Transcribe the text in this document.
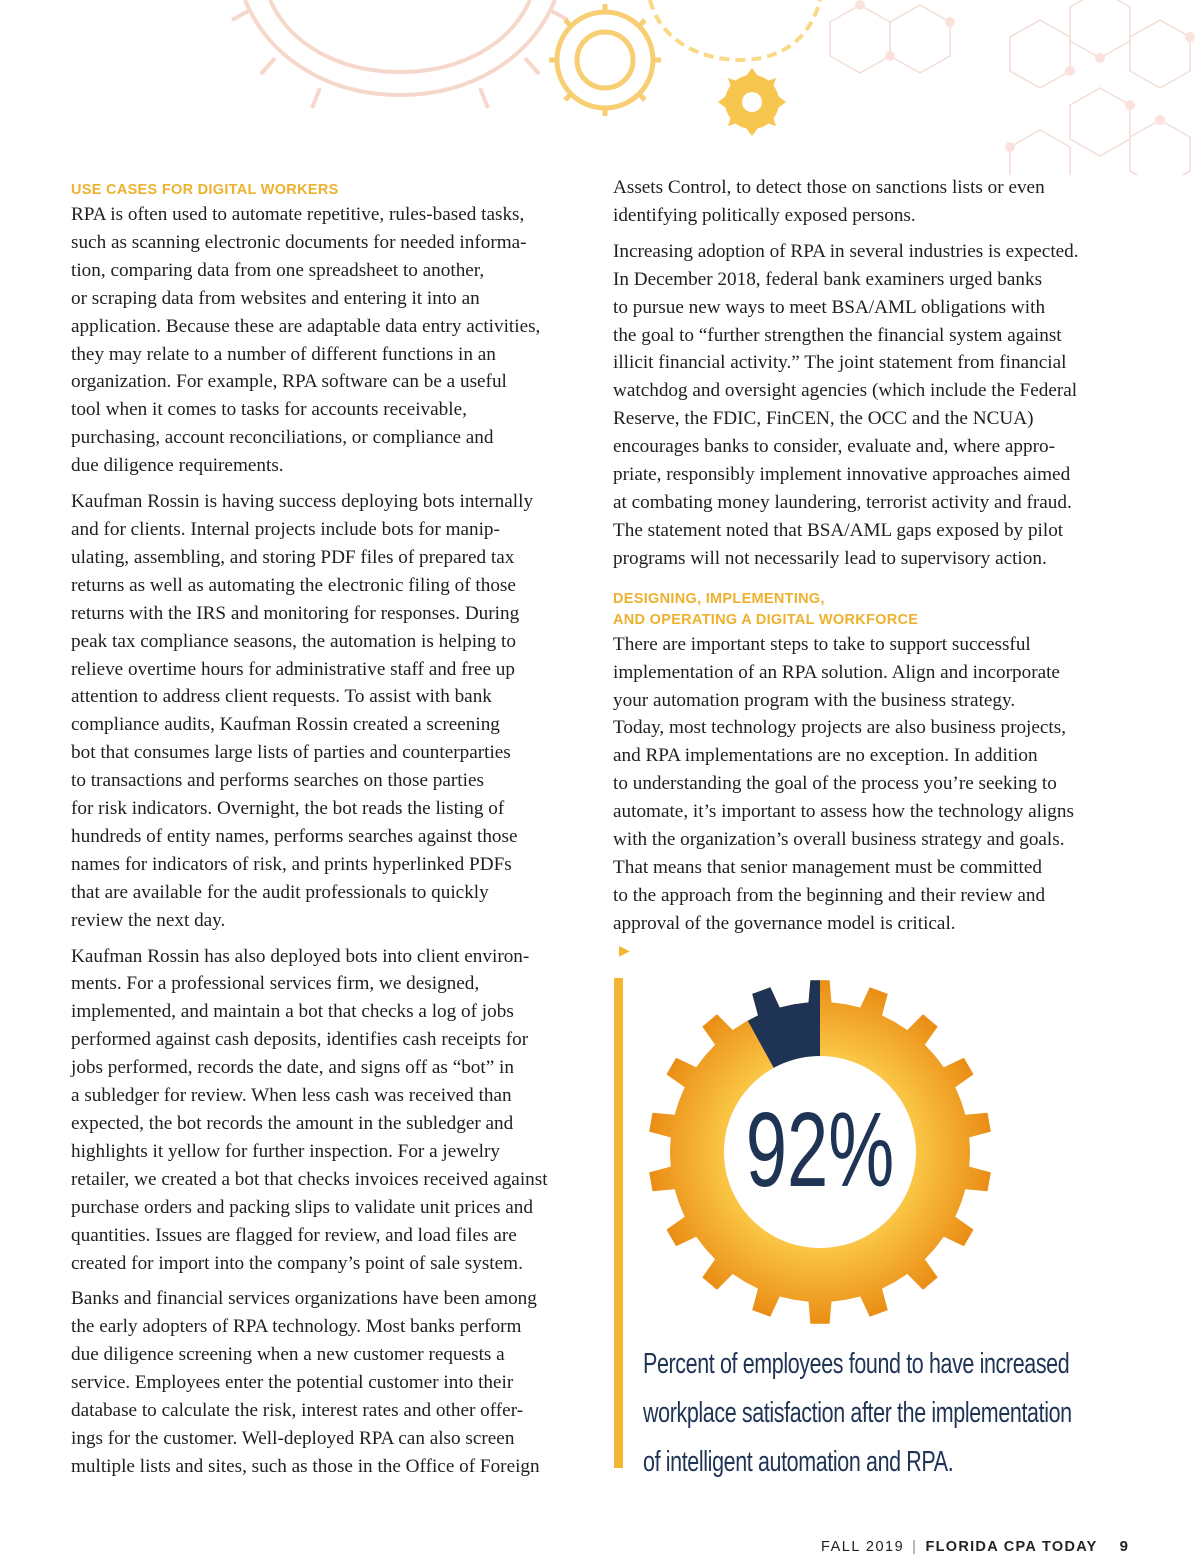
USE CASES FOR DIGITAL WORKERS

RPA is often used to automate repetitive, rules-based tasks,
such as scanning electronic documents for needed informa-
tion, comparing data from one spreadsheet to another,
or scraping data from websites and entering it into an
application. Because these are adaptable data entry activities,
they may relate to a number of different functions in an
organization. For example, RPA software can be a useful
tool when it comes to tasks for accounts receivable,
purchasing, account reconciliations, or compliance and
due diligence requirements.
Kaufman Rossin is having success deploying bots internally
and for clients. Internal projects include bots for manip-
ulating, assembling, and storing PDF files of prepared tax
returns as well as automating the electronic filing of those
returns with the IRS and monitoring for responses. During
peak tax compliance seasons, the automation is helping to
relieve overtime hours for administrative staff and free up
attention to address client requests. To assist with bank
compliance audits, Kaufman Rossin created a screening
bot that consumes large lists of parties and counterparties
to transactions and performs searches on those parties
for risk indicators. Overnight, the bot reads the listing of
hundreds of entity names, performs searches against those
names for indicators of risk, and prints hyperlinked PDFs
that are available for the audit professionals to quickly
review the next day.
Kaufman Rossin has also deployed bots into client environ-
ments. For a professional services firm, we designed,
implemented, and maintain a bot that checks a log of jobs
performed against cash deposits, identifies cash receipts for
jobs performed, records the date, and signs off as “bot” in
a subledger for review. When less cash was received than
expected, the bot records the amount in the subledger and
highlights it yellow for further inspection. For a jewelry
retailer, we created a bot that checks invoices received against
purchase orders and packing slips to validate unit prices and
quantities. Issues are flagged for review, and load files are
created for import into the company’s point of sale system.
Banks and financial services organizations have been among
the early adopters of RPA technology. Most banks perform
due diligence screening when a new customer requests a
service. Employees enter the potential customer into their
database to calculate the risk, interest rates and other offer-
ings for the customer. Well-deployed RPA can also screen
multiple lists and sites, such as those in the Office of Foreign
Assets Control, to detect those on sanctions lists or even
identifying politically exposed persons.
Increasing adoption of RPA in several industries is expected.
In December 2018, federal bank examiners urged banks
to pursue new ways to meet BSA/AML obligations with
the goal to “further strengthen the financial system against
illicit financial activity.” The joint statement from financial
watchdog and oversight agencies (which include the Federal
Reserve, the FDIC, FinCEN, the OCC and the NCUA)
encourages banks to consider, evaluate and, where appro-
priate, responsibly implement innovative approaches aimed
at combating money laundering, terrorist activity and fraud.
The statement noted that BSA/AML gaps exposed by pilot
programs will not necessarily lead to supervisory action.

DESIGNING, IMPLEMENTING,
AND OPERATING A DIGITAL WORKFORCE

There are important steps to take to support successful
implementation of an RPA solution. Align and incorporate
your automation program with the business strategy.
Today, most technology projects are also business projects,
and RPA implementations are no exception. In addition
to understanding the goal of the process you’re seeking to
automate, it’s important to assess how the technology aligns
with the organization’s overall business strategy and goals.
That means that senior management must be committed
to the approach from the beginning and their review and
approval of the governance model is critical.
▶
92%
Percent of employees found to have increased
workplace satisfaction after the implementation
of intelligent automation and RPA.
FALL 2019 | FLORIDA CPA TODAY 9
